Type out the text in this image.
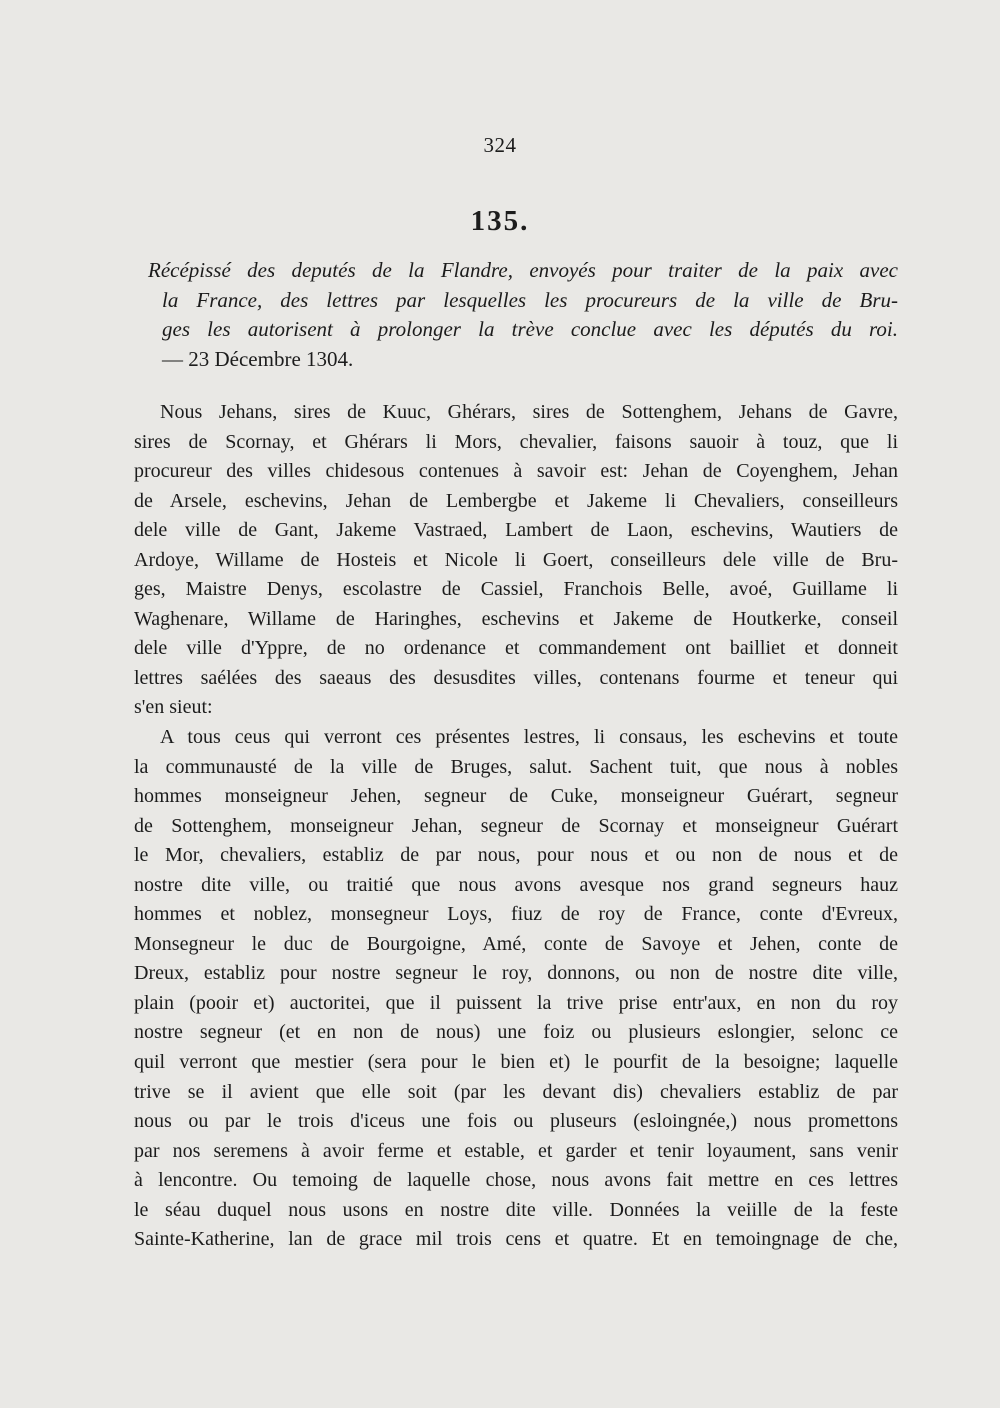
324
135.
Récépissé des deputés de la Flandre, envoyés pour traiter de la paix avec
la France, des lettres par lesquelles les procureurs de la ville de Bru-
ges les autorisent à prolonger la trève conclue avec les députés du roi.
— 23 Décembre 1304.
Nous Jehans, sires de Kuuc, Ghérars, sires de Sottenghem, Jehans de Gavre,
sires de Scornay, et Ghérars li Mors, chevalier, faisons sauoir à touz, que li
procureur des villes chidesous contenues à savoir est: Jehan de Coyenghem, Jehan
de Arsele, eschevins, Jehan de Lembergbe et Jakeme li Chevaliers, conseilleurs
dele ville de Gant, Jakeme Vastraed, Lambert de Laon, eschevins, Wautiers de
Ardoye, Willame de Hosteis et Nicole li Goert, conseilleurs dele ville de Bru-
ges, Maistre Denys, escolastre de Cassiel, Franchois Belle, avoé, Guillame li
Waghenare, Willame de Haringhes, eschevins et Jakeme de Houtkerke, conseil
dele ville d'Yppre, de no ordenance et commandement ont bailliet et donneit
lettres saélées des saeaus des desusdites villes, contenans fourme et teneur qui
s'en sieut:
A tous ceus qui verront ces présentes lestres, li consaus, les eschevins et toute
la communausté de la ville de Bruges, salut. Sachent tuit, que nous à nobles
hommes monseigneur Jehen, segneur de Cuke, monseigneur Guérart, segneur
de Sottenghem, monseigneur Jehan, segneur de Scornay et monseigneur Guérart
le Mor, chevaliers, establiz de par nous, pour nous et ou non de nous et de
nostre dite ville, ou traitié que nous avons avesque nos grand segneurs hauz
hommes et noblez, monsegneur Loys, fiuz de roy de France, conte d'Evreux,
Monsegneur le duc de Bourgoigne, Amé, conte de Savoye et Jehen, conte de
Dreux, establiz pour nostre segneur le roy, donnons, ou non de nostre dite ville,
plain (pooir et) auctoritei, que il puissent la trive prise entr'aux, en non du roy
nostre segneur (et en non de nous) une foiz ou plusieurs eslongier, selonc ce
quil verront que mestier (sera pour le bien et) le pourfit de la besoigne; laquelle
trive se il avient que elle soit (par les devant dis) chevaliers establiz de par
nous ou par le trois d'iceus une fois ou pluseurs (esloingnée,) nous promettons
par nos seremens à avoir ferme et estable, et garder et tenir loyaument, sans venir
à lencontre. Ou temoing de laquelle chose, nous avons fait mettre en ces lettres
le séau duquel nous usons en nostre dite ville. Données la veiille de la feste
Sainte-Katherine, lan de grace mil trois cens et quatre. Et en temoingnage de che,
